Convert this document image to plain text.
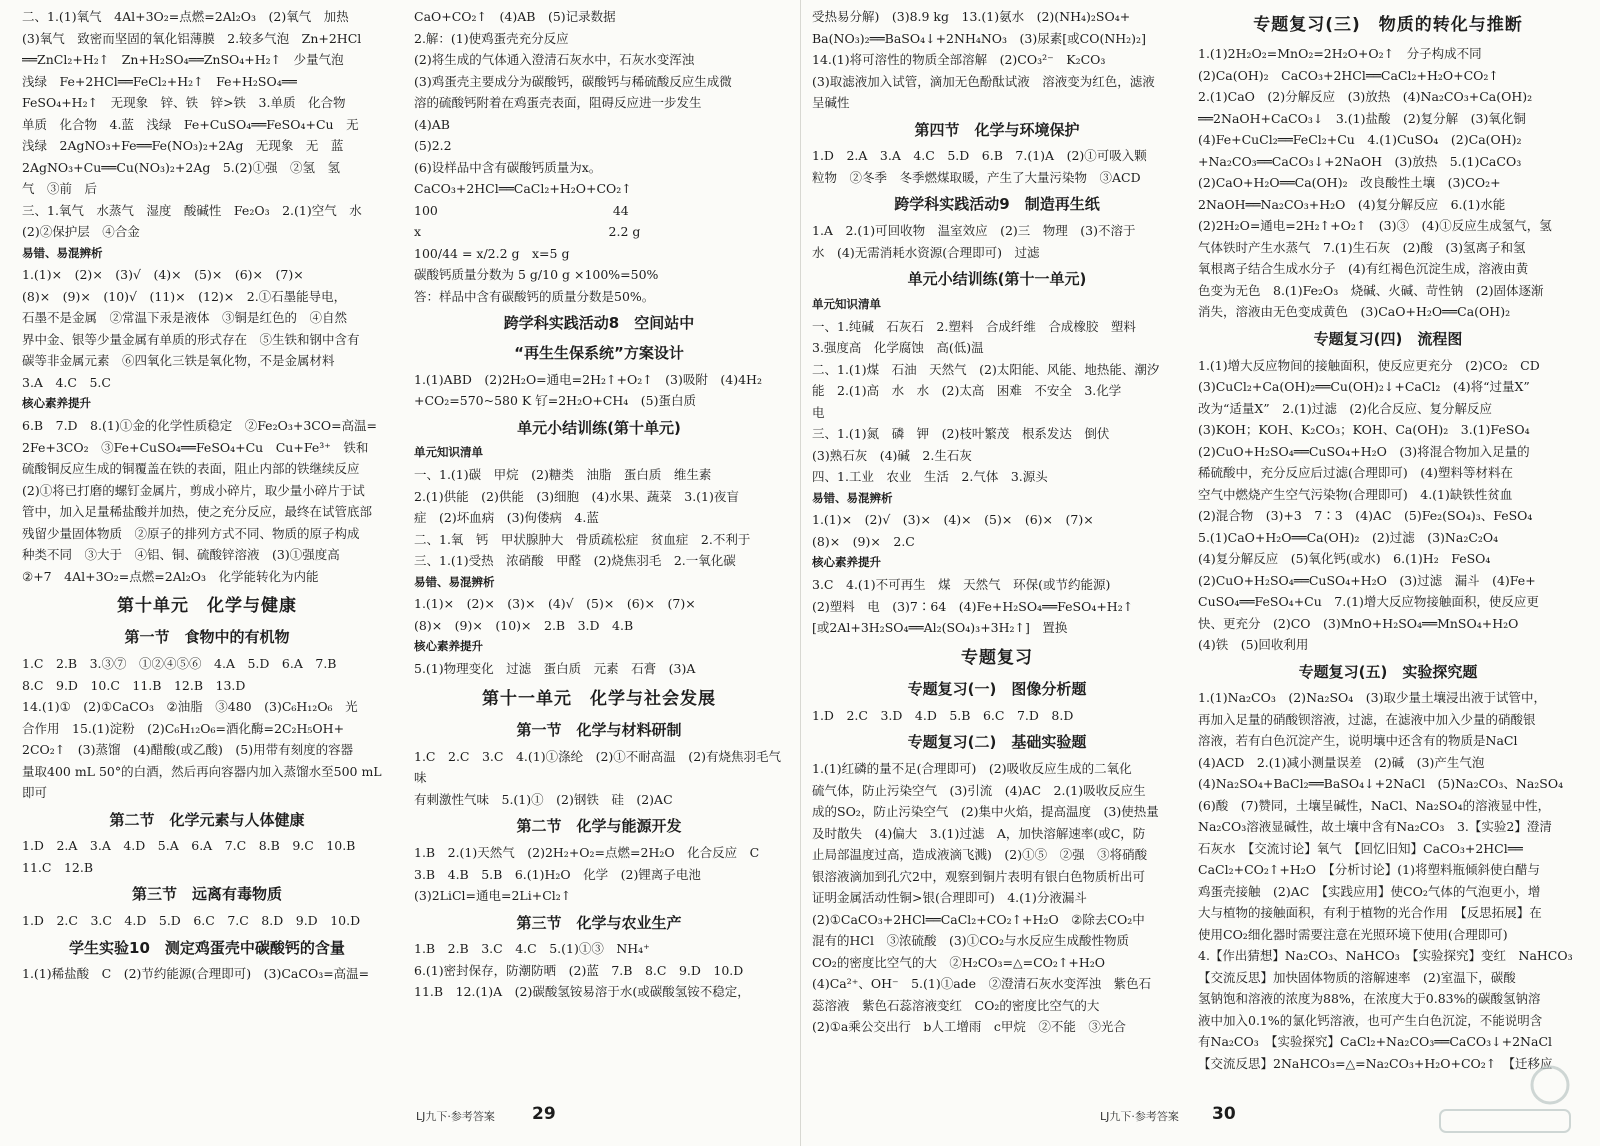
二、1.(1)氧气　4Al+3O₂=点燃=2Al₂O₃　(2)氧气　加热

(3)氧气　致密而坚固的氧化铝薄膜　2.较多气泡　Zn+2HCl

══ZnCl₂+H₂↑　Zn+H₂SO₄══ZnSO₄+H₂↑　少量气泡

浅绿　Fe+2HCl══FeCl₂+H₂↑　Fe+H₂SO₄══

FeSO₄+H₂↑　无现象　锌、铁　锌>铁　3.单质　化合物

单质　化合物　4.蓝　浅绿　Fe+CuSO₄══FeSO₄+Cu　无

浅绿　2AgNO₃+Fe══Fe(NO₃)₂+2Ag　无现象　无　蓝

2AgNO₃+Cu══Cu(NO₃)₂+2Ag　5.(2)①强　②氢　氢

气　③前　后

三、1.氧气　水蒸气　湿度　酸碱性　Fe₂O₃　2.(1)空气　水

(2)②保护层　④合金

易错、易混辨析

1.(1)×　(2)×　(3)√　(4)×　(5)×　(6)×　(7)×

(8)×　(9)×　(10)√　(11)×　(12)×　2.①石墨能导电，

石墨不是金属　②常温下汞是液体　③铜是红色的　④自然

界中金、银等少量金属有单质的形式存在　⑤生铁和钢中含有

碳等非金属元素　⑥四氧化三铁是氧化物，不是金属材料

3.A　4.C　5.C

核心素养提升

6.B　7.D　8.(1)①金的化学性质稳定　②Fe₂O₃+3CO=高温=

2Fe+3CO₂　③Fe+CuSO₄══FeSO₄+Cu　Cu+Fe³⁺　铁和

硫酸铜反应生成的铜覆盖在铁的表面，阻止内部的铁继续反应

(2)①将已打磨的螺钉金属片，剪成小碎片，取少量小碎片于试

管中，加入足量稀盐酸并加热，使之充分反应，最终在试管底部

残留少量固体物质　②原子的排列方式不同、物质的原子构成

种类不同　③大于　④铝、铜、硫酸锌溶液　(3)①强度高

②+7　4Al+3O₂=点燃=2Al₂O₃　化学能转化为内能

第十单元　化学与健康
第一节　食物中的有机物

1.C　2.B　3.③⑦　①②④⑤⑥　4.A　5.D　6.A　7.B

8.C　9.D　10.C　11.B　12.B　13.D

14.(1)①　(2)①CaCO₃　②油脂　③480　(3)C₆H₁₂O₆　光

合作用　15.(1)淀粉　(2)C₆H₁₂O₆=酒化酶=2C₂H₅OH+

2CO₂↑　(3)蒸馏　(4)醋酸(或乙酸)　(5)用带有刻度的容器

量取400 mL 50°的白酒，然后再向容器内加入蒸馏水至500 mL

即可

第二节　化学元素与人体健康

1.D　2.A　3.A　4.D　5.A　6.A　7.C　8.B　9.C　10.B

11.C　12.B

第三节　远离有毒物质

1.D　2.C　3.C　4.D　5.D　6.C　7.C　8.D　9.D　10.D

学生实验10　测定鸡蛋壳中碳酸钙的含量

1.(1)稀盐酸　C　(2)节约能源(合理即可)　(3)CaCO₃=高温=

CaO+CO₂↑　(4)AB　(5)记录数据

2.解：(1)使鸡蛋壳充分反应

(2)将生成的气体通入澄清石灰水中，石灰水变浑浊

(3)鸡蛋壳主要成分为碳酸钙，碳酸钙与稀硫酸反应生成微

溶的硫酸钙附着在鸡蛋壳表面，阻碍反应进一步发生

(4)AB

(5)2.2

(6)设样品中含有碳酸钙质量为x。

CaCO₃+2HCl══CaCl₂+H₂O+CO₂↑

100　　　　　　　　　　　　　　44

x　　　　　　　　　　　　　　　2.2 g

100/44 = x/2.2 g　x=5 g

碳酸钙质量分数为 5 g/10 g ×100%=50%

答：样品中含有碳酸钙的质量分数是50%。

跨学科实践活动8　空间站中
“再生生保系统”方案设计

1.(1)ABD　(2)2H₂O=通电=2H₂↑+O₂↑　(3)吸附　(4)4H₂

+CO₂=570~580 K 钌=2H₂O+CH₄　(5)蛋白质

单元小结训练(第十单元)
单元知识清单

一、1.(1)碳　甲烷　(2)糖类　油脂　蛋白质　维生素

2.(1)供能　(2)供能　(3)细胞　(4)水果、蔬菜　3.(1)夜盲

症　(2)坏血病　(3)佝偻病　4.蓝

二、1.氧　钙　甲状腺肿大　骨质疏松症　贫血症　2.不利于

三、1.(1)受热　浓硝酸　甲醛　(2)烧焦羽毛　2.一氧化碳

易错、易混辨析

1.(1)×　(2)×　(3)×　(4)√　(5)×　(6)×　(7)×

(8)×　(9)×　(10)×　2.B　3.D　4.B

核心素养提升

5.(1)物理变化　过滤　蛋白质　元素　石膏　(3)A

第十一单元　化学与社会发展
第一节　化学与材料研制

1.C　2.C　3.C　4.(1)①涤纶　(2)①不耐高温　(2)有烧焦羽毛气味

有刺激性气味　5.(1)①　(2)钢铁　硅　(2)AC

第二节　化学与能源开发

1.B　2.(1)天然气　(2)2H₂+O₂=点燃=2H₂O　化合反应　C

3.B　4.B　5.B　6.(1)H₂O　化学　(2)锂离子电池

(3)2LiCl=通电=2Li+Cl₂↑

第三节　化学与农业生产

1.B　2.B　3.C　4.C　5.(1)①③　NH₄⁺

6.(1)密封保存，防潮防晒　(2)蓝　7.B　8.C　9.D　10.D

11.B　12.(1)A　(2)碳酸氢铵易溶于水(或碳酸氢铵不稳定，

受热易分解)　(3)8.9 kg　13.(1)氨水　(2)(NH₄)₂SO₄+

Ba(NO₃)₂══BaSO₄↓+2NH₄NO₃　(3)尿素[或CO(NH₂)₂]

14.(1)将可溶性的物质全部溶解　(2)CO₃²⁻　K₂CO₃

(3)取滤液加入试管，滴加无色酚酞试液　溶液变为红色，滤液

呈碱性

第四节　化学与环境保护

1.D　2.A　3.A　4.C　5.D　6.B　7.(1)A　(2)①可吸入颗

粒物　②冬季　冬季燃煤取暖，产生了大量污染物　③ACD

跨学科实践活动9　制造再生纸

1.A　2.(1)可回收物　温室效应　(2)三　物理　(3)不溶于

水　(4)无需消耗水资源(合理即可)　过滤

单元小结训练(第十一单元)
单元知识清单

一、1.纯碱　石灰石　2.塑料　合成纤维　合成橡胶　塑料

3.强度高　化学腐蚀　高(低)温

二、1.(1)煤　石油　天然气　(2)太阳能、风能、地热能、潮汐

能　2.(1)高　水　水　(2)太高　困难　不安全　3.化学

电

三、1.(1)氮　磷　钾　(2)枝叶繁茂　根系发达　倒伏

(3)熟石灰　(4)碱　2.生石灰

四、1.工业　农业　生活　2.气体　3.源头

易错、易混辨析

1.(1)×　(2)√　(3)×　(4)×　(5)×　(6)×　(7)×

(8)×　(9)×　2.C

核心素养提升

3.C　4.(1)不可再生　煤　天然气　环保(或节约能源)

(2)塑料　电　(3)7∶64　(4)Fe+H₂SO₄══FeSO₄+H₂↑

[或2Al+3H₂SO₄══Al₂(SO₄)₃+3H₂↑]　置换

专题复习
专题复习(一)　图像分析题

1.D　2.C　3.D　4.D　5.B　6.C　7.D　8.D

专题复习(二)　基础实验题

1.(1)红磷的量不足(合理即可)　(2)吸收反应生成的二氧化

硫气体，防止污染空气　(3)引流　(4)AC　2.(1)吸收反应生

成的SO₂，防止污染空气　(2)集中火焰，提高温度　(3)使热量

及时散失　(4)偏大　3.(1)过滤　A，加快溶解速率(或C，防

止局部温度过高，造成液滴飞溅)　(2)①⑤　②强　③将硝酸

银溶液滴加到孔穴2中，观察到铜片表明有银白色物质析出可

证明金属活动性铜>银(合理即可)　4.(1)分液漏斗

(2)①CaCO₃+2HCl══CaCl₂+CO₂↑+H₂O　②除去CO₂中

混有的HCl　③浓硫酸　(3)①CO₂与水反应生成酸性物质

CO₂的密度比空气的大　②H₂CO₃=△=CO₂↑+H₂O

(4)Ca²⁺、OH⁻　5.(1)①ade　②澄清石灰水变浑浊　紫色石

蕊溶液　紫色石蕊溶液变红　CO₂的密度比空气的大

(2)①a乘公交出行　b人工增雨　c甲烷　②不能　③光合

专题复习(三)　物质的转化与推断

1.(1)2H₂O₂=MnO₂=2H₂O+O₂↑　分子构成不同

(2)Ca(OH)₂　CaCO₃+2HCl══CaCl₂+H₂O+CO₂↑

2.(1)CaO　(2)分解反应　(3)放热　(4)Na₂CO₃+Ca(OH)₂

══2NaOH+CaCO₃↓　3.(1)盐酸　(2)复分解　(3)氧化铜

(4)Fe+CuCl₂══FeCl₂+Cu　4.(1)CuSO₄　(2)Ca(OH)₂

+Na₂CO₃══CaCO₃↓+2NaOH　(3)放热　5.(1)CaCO₃

(2)CaO+H₂O══Ca(OH)₂　改良酸性土壤　(3)CO₂+

2NaOH══Na₂CO₃+H₂O　(4)复分解反应　6.(1)水能

(2)2H₂O=通电=2H₂↑+O₂↑　(3)③　(4)①反应生成氢气，氢

气体铁时产生水蒸气　7.(1)生石灰　(2)酸　(3)氢离子和氢

氧根离子结合生成水分子　(4)有红褐色沉淀生成，溶液由黄

色变为无色　8.(1)Fe₂O₃　烧碱、火碱、苛性钠　(2)固体逐渐

消失，溶液由无色变成黄色　(3)CaO+H₂O══Ca(OH)₂

专题复习(四)　流程图

1.(1)增大反应物间的接触面积，使反应更充分　(2)CO₂　CD

(3)CuCl₂+Ca(OH)₂══Cu(OH)₂↓+CaCl₂　(4)将“过量X”

改为“适量X”　2.(1)过滤　(2)化合反应、复分解反应

(3)KOH；KOH、K₂CO₃；KOH、Ca(OH)₂　3.(1)FeSO₄

(2)CuO+H₂SO₄══CuSO₄+H₂O　(3)将混合物加入足量的

稀硫酸中，充分反应后过滤(合理即可)　(4)塑料等材料在

空气中燃烧产生空气污染物(合理即可)　4.(1)缺铁性贫血

(2)混合物　(3)+3　7∶3　(4)AC　(5)Fe₂(SO₄)₃、FeSO₄

5.(1)CaO+H₂O══Ca(OH)₂　(2)过滤　(3)Na₂C₂O₄

(4)复分解反应　(5)氧化钙(或水)　6.(1)H₂　FeSO₄

(2)CuO+H₂SO₄══CuSO₄+H₂O　(3)过滤　漏斗　(4)Fe+

CuSO₄══FeSO₄+Cu　7.(1)增大反应物接触面积，使反应更

快、更充分　(2)CO　(3)MnO+H₂SO₄══MnSO₄+H₂O

(4)铁　(5)回收利用

专题复习(五)　实验探究题

1.(1)Na₂CO₃　(2)Na₂SO₄　(3)取少量土壤浸出液于试管中，

再加入足量的硝酸钡溶液，过滤，在滤液中加入少量的硝酸银

溶液，若有白色沉淀产生，说明壤中还含有的物质是NaCl

(4)ACD　2.(1)减小测量误差　(2)碱　(3)产生气泡

(4)Na₂SO₄+BaCl₂══BaSO₄↓+2NaCl　(5)Na₂CO₃、Na₂SO₄

(6)酸　(7)赞同，土壤呈碱性，NaCl、Na₂SO₄的溶液显中性，

Na₂CO₃溶液显碱性，故土壤中含有Na₂CO₃　3.【实验2】澄清

石灰水　【交流讨论】氧气　【回忆旧知】CaCO₃+2HCl══

CaCl₂+CO₂↑+H₂O　【分析讨论】(1)将塑料瓶倾斜使白醋与

鸡蛋壳接触　(2)AC　【实践应用】使CO₂气体的气泡更小，增

大与植物的接触面积，有利于植物的光合作用　【反思拓展】在

使用CO₂细化器时需要注意在光照环境下使用(合理即可)

4.【作出猜想】Na₂CO₃、NaHCO₃　【实验探究】变红　NaHCO₃

【交流反思】加快固体物质的溶解速率　(2)室温下，碳酸

氢钠饱和溶液的浓度为88%，在浓度大于0.83%的碳酸氢钠溶

液中加入0.1%的氯化钙溶液，也可产生白色沉淀，不能说明含

有Na₂CO₃　【实验探究】CaCl₂+Na₂CO₃══CaCO₃↓+2NaCl

【交流反思】2NaHCO₃=△=Na₂CO₃+H₂O+CO₂↑　【迁移应

LJ九下·参考答案 29	LJ九下·参考答案 30
